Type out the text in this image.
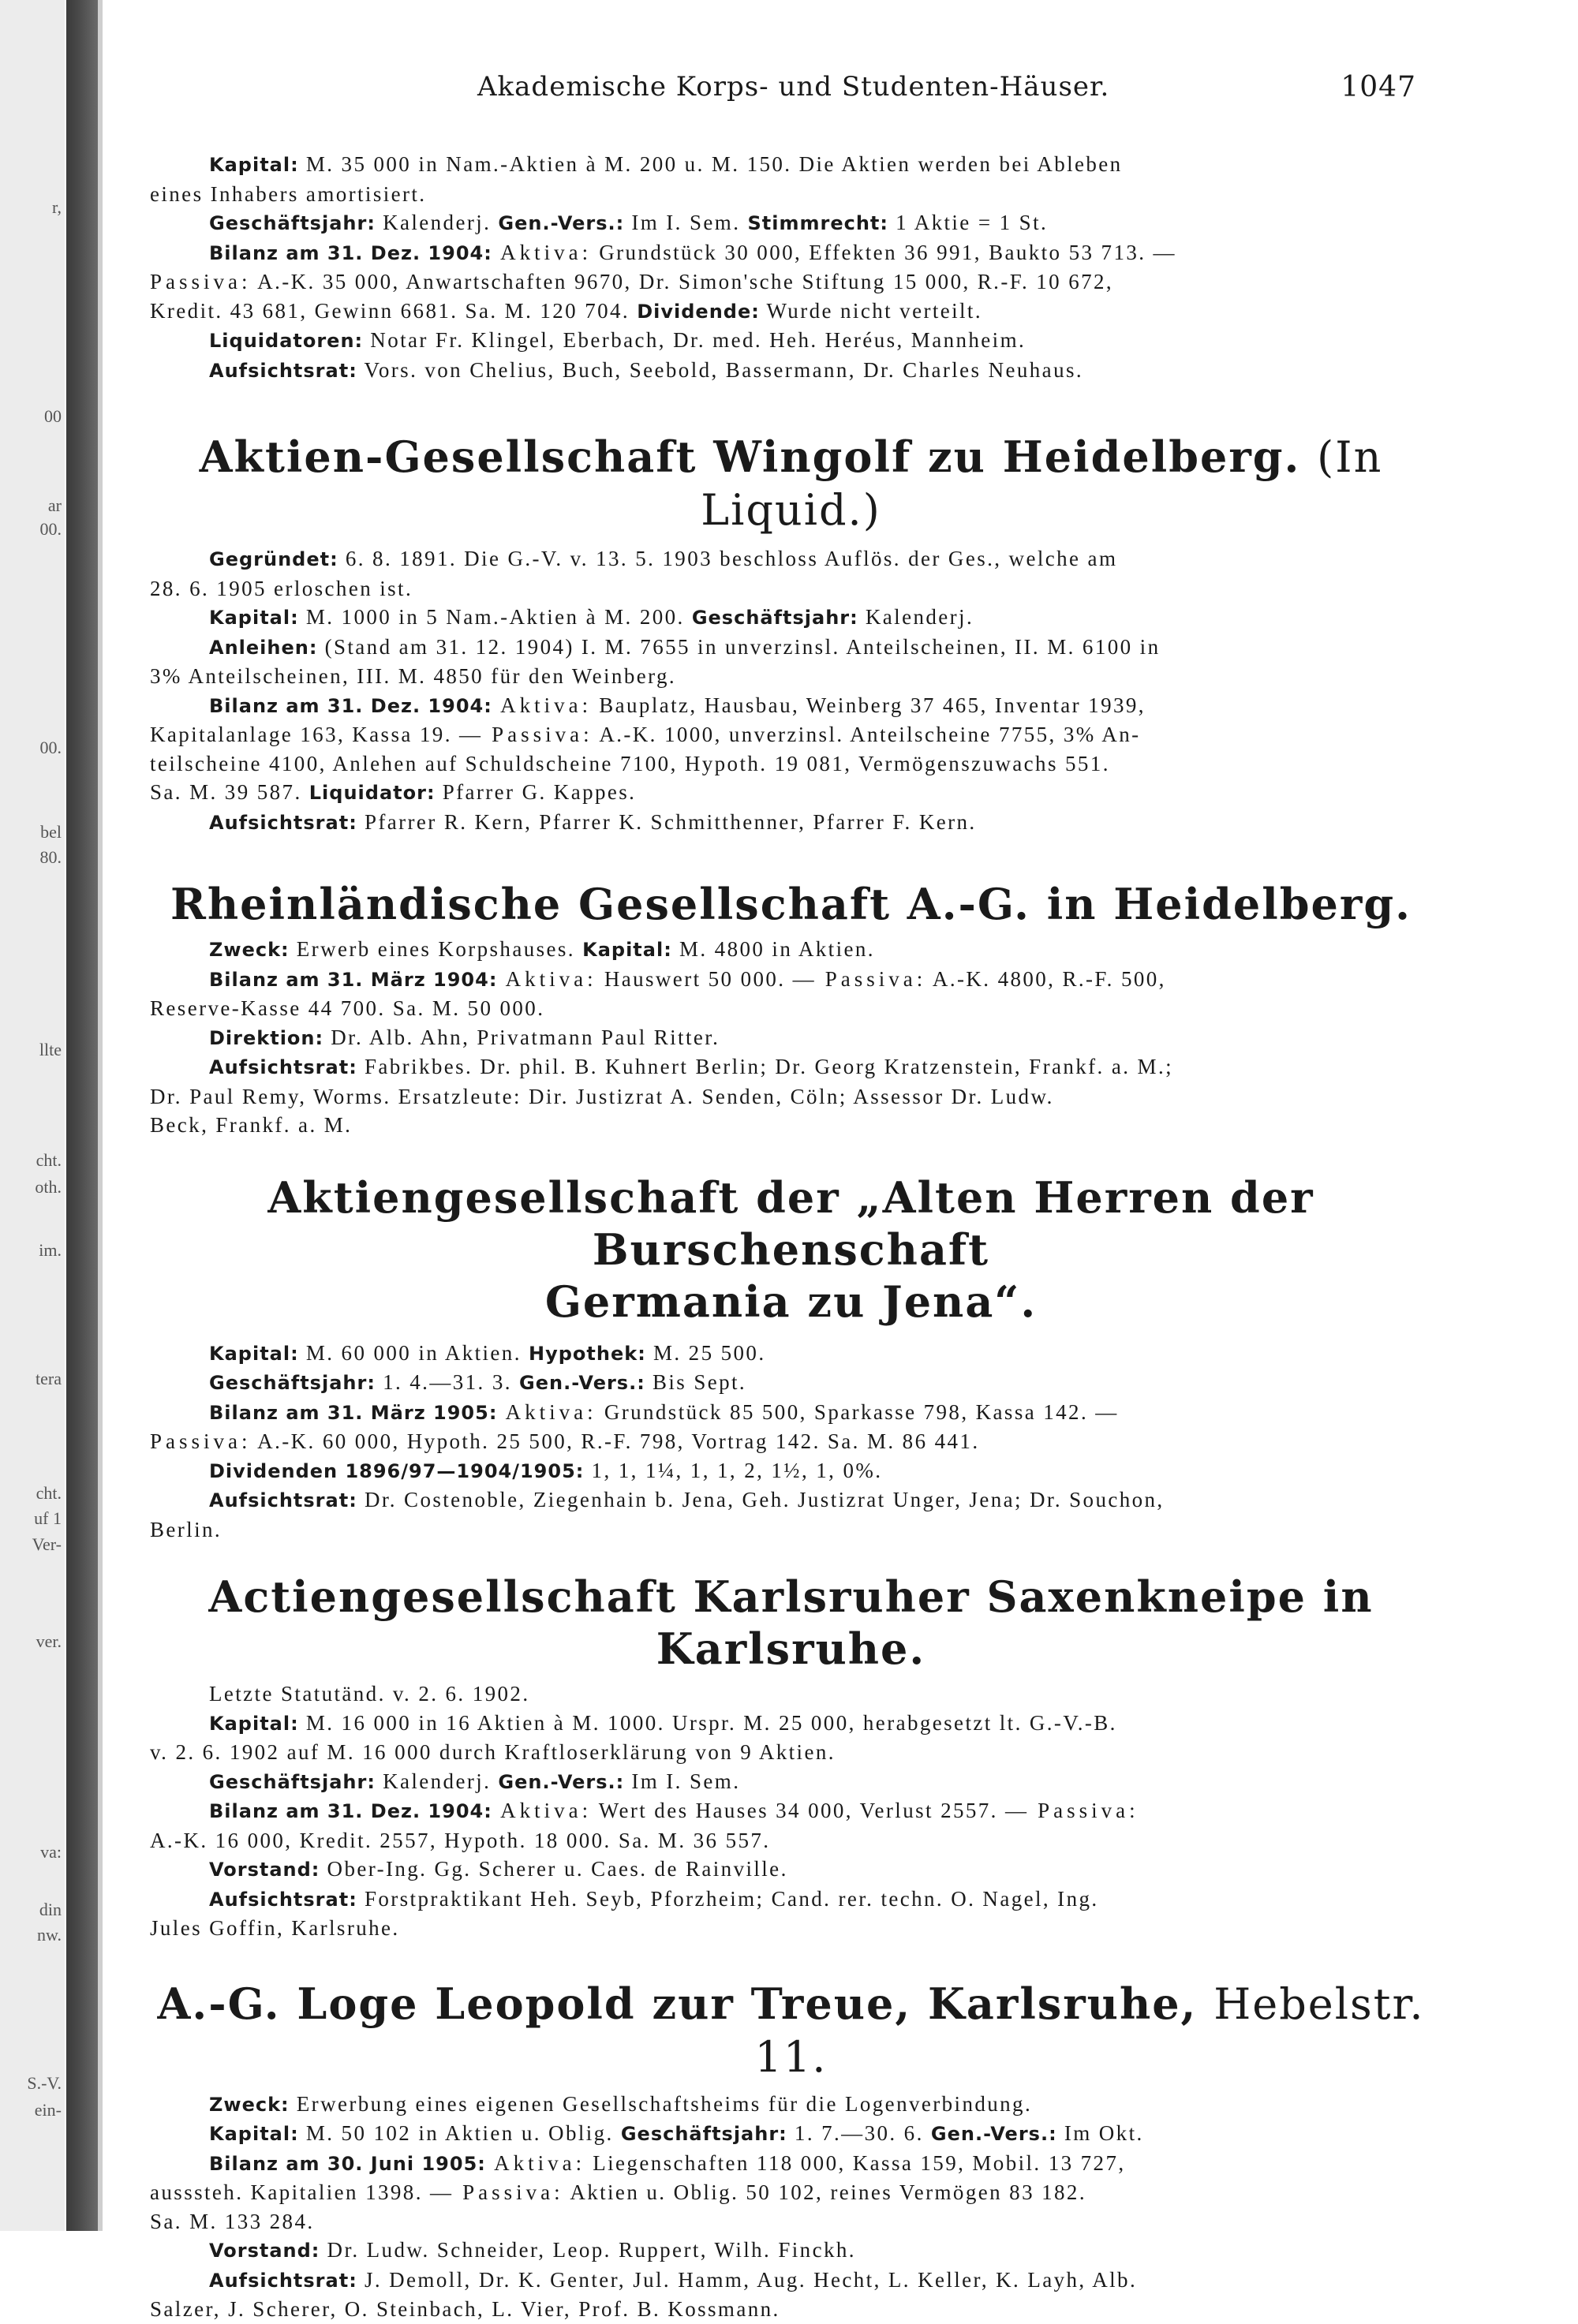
r,
00
ar
00.
00.
bel
80.
llte
cht.
oth.
im.
tera
cht.
uf 1
Ver-
ver.
va:
din
nw.
S.-V.
ein-
Akademische Korps- und Studenten-Häuser.	1047

Kapital: M. 35 000 in Nam.-Aktien à M. 200 u. M. 150. Die Aktien werden bei Ableben

eines Inhabers amortisiert.

Geschäftsjahr: Kalenderj. Gen.-Vers.: Im I. Sem. Stimmrecht: 1 Aktie = 1 St.

Bilanz am 31. Dez. 1904: Aktiva: Grundstück 30 000, Effekten 36 991, Baukto 53 713. —

Passiva: A.-K. 35 000, Anwartschaften 9670, Dr. Simon'sche Stiftung 15 000, R.-F. 10 672,

Kredit. 43 681, Gewinn 6681. Sa. M. 120 704. Dividende: Wurde nicht verteilt.

Liquidatoren: Notar Fr. Klingel, Eberbach, Dr. med. Heh. Heréus, Mannheim.

Aufsichtsrat: Vors. von Chelius, Buch, Seebold, Bassermann, Dr. Charles Neuhaus.

Aktien-Gesellschaft Wingolf zu Heidelberg. (In Liquid.)

Gegründet: 6. 8. 1891. Die G.-V. v. 13. 5. 1903 beschloss Auflös. der Ges., welche am

28. 6. 1905 erloschen ist.

Kapital: M. 1000 in 5 Nam.-Aktien à M. 200. Geschäftsjahr: Kalenderj.

Anleihen: (Stand am 31. 12. 1904) I. M. 7655 in unverzinsl. Anteilscheinen, II. M. 6100 in

3% Anteilscheinen, III. M. 4850 für den Weinberg.

Bilanz am 31. Dez. 1904: Aktiva: Bauplatz, Hausbau, Weinberg 37 465, Inventar 1939,

Kapitalanlage 163, Kassa 19. — Passiva: A.-K. 1000, unverzinsl. Anteilscheine 7755, 3% An-

teilscheine 4100, Anlehen auf Schuldscheine 7100, Hypoth. 19 081, Vermögenszuwachs 551.

Sa. M. 39 587. Liquidator: Pfarrer G. Kappes.

Aufsichtsrat: Pfarrer R. Kern, Pfarrer K. Schmitthenner, Pfarrer F. Kern.

Rheinländische Gesellschaft A.-G. in Heidelberg.

Zweck: Erwerb eines Korpshauses. Kapital: M. 4800 in Aktien.

Bilanz am 31. März 1904: Aktiva: Hauswert 50 000. — Passiva: A.-K. 4800, R.-F. 500,

Reserve-Kasse 44 700. Sa. M. 50 000.

Direktion: Dr. Alb. Ahn, Privatmann Paul Ritter.

Aufsichtsrat: Fabrikbes. Dr. phil. B. Kuhnert Berlin; Dr. Georg Kratzenstein, Frankf. a. M.;

Dr. Paul Remy, Worms. Ersatzleute: Dir. Justizrat A. Senden, Cöln; Assessor Dr. Ludw.

Beck, Frankf. a. M.

Aktiengesellschaft der „Alten Herren der Burschenschaft
Germania zu Jena“.

Kapital: M. 60 000 in Aktien. Hypothek: M. 25 500.

Geschäftsjahr: 1. 4.—31. 3. Gen.-Vers.: Bis Sept.

Bilanz am 31. März 1905: Aktiva: Grundstück 85 500, Sparkasse 798, Kassa 142. —

Passiva: A.-K. 60 000, Hypoth. 25 500, R.-F. 798, Vortrag 142. Sa. M. 86 441.

Dividenden 1896/97—1904/1905: 1, 1, 1¼, 1, 1, 2, 1½, 1, 0%.

Aufsichtsrat: Dr. Costenoble, Ziegenhain b. Jena, Geh. Justizrat Unger, Jena; Dr. Souchon,

Berlin.

Actiengesellschaft Karlsruher Saxenkneipe in Karlsruhe.

Letzte Statutänd. v. 2. 6. 1902.

Kapital: M. 16 000 in 16 Aktien à M. 1000. Urspr. M. 25 000, herabgesetzt lt. G.-V.-B.

v. 2. 6. 1902 auf M. 16 000 durch Kraftloserklärung von 9 Aktien.

Geschäftsjahr: Kalenderj. Gen.-Vers.: Im I. Sem.

Bilanz am 31. Dez. 1904: Aktiva: Wert des Hauses 34 000, Verlust 2557. — Passiva:

A.-K. 16 000, Kredit. 2557, Hypoth. 18 000. Sa. M. 36 557.

Vorstand: Ober-Ing. Gg. Scherer u. Caes. de Rainville.

Aufsichtsrat: Forstpraktikant Heh. Seyb, Pforzheim; Cand. rer. techn. O. Nagel, Ing.

Jules Goffin, Karlsruhe.

A.-G. Loge Leopold zur Treue, Karlsruhe, Hebelstr. 11.

Zweck: Erwerbung eines eigenen Gesellschaftsheims für die Logenverbindung.

Kapital: M. 50 102 in Aktien u. Oblig. Geschäftsjahr: 1. 7.—30. 6. Gen.-Vers.: Im Okt.

Bilanz am 30. Juni 1905: Aktiva: Liegenschaften 118 000, Kassa 159, Mobil. 13 727,

ausssteh. Kapitalien 1398. — Passiva: Aktien u. Oblig. 50 102, reines Vermögen 83 182.

Sa. M. 133 284.

Vorstand: Dr. Ludw. Schneider, Leop. Ruppert, Wilh. Finckh.

Aufsichtsrat: J. Demoll, Dr. K. Genter, Jul. Hamm, Aug. Hecht, L. Keller, K. Layh, Alb.

Salzer, J. Scherer, O. Steinbach, L. Vier, Prof. B. Kossmann.
